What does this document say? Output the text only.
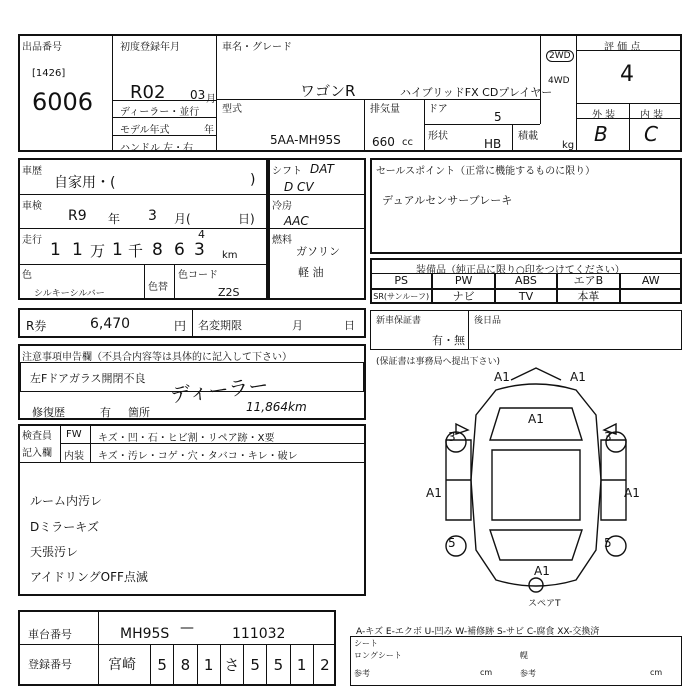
出品番号
[1426]
6006
初度登録年月
R02 03 月
ディーラー・並行
モデル年式	年
ハンドル 左・右
車名・グレード
ワゴンR	ハイブリッドFX CDプレイヤー
型式
5AA-MH95S
排気量
660 cc
ドア
5
形状
HB
積載
kg
2WD
4WD
評 価 点
4
外 装 内 装
B C
車歴
自家用・(	)
車検
R9 年 3 月(	日)
走行 1 1 万 1 千 8 6 3
4
km
色
シルキーシルバー
色替
色コード
Z2S
シフト DAT
D CV
冷房
AAC
燃料
ガソリン
軽 油
セールスポイント（正常に機能するものに限り）
デュアルセンサーブレーキ
装備品（純正品に限り○印をつけてください）
PS	PW	ABS	エアB	AW
SR(サンルーフ)	ナビ	TV	本革
R券	6,470	円 名変期限	月	日 新車保証書
有・無
後日品
(保証書は事務局へ提出下さい)
注意事項申告欄（不具合内容等は具体的に記入して下さい）
左Fドアガラス開閉不良 ディーラー
修復歴	有 箇所	11,864km
検査員記入欄
FW キズ・凹・石・ヒビ割・リペア跡・X要
内装 キズ・汚レ・コゲ・穴・タバコ・キレ・破レ
ルーム内汚レ
Dミラーキズ
天張汚レ
アイドリングOFF点滅
A1	A1
A1
3	3
A1	A1
5	5
A1
スペアT
車台番号	MH95S —	111032
登録番号	宮崎	5 8 1 さ 5 5 1 2
A-キズ E-エクボ U-凹み W-補修跡 S-サビ C-腐食 XX-交換済
シート
ロングシート
参考
幌
参考
cm	cm
